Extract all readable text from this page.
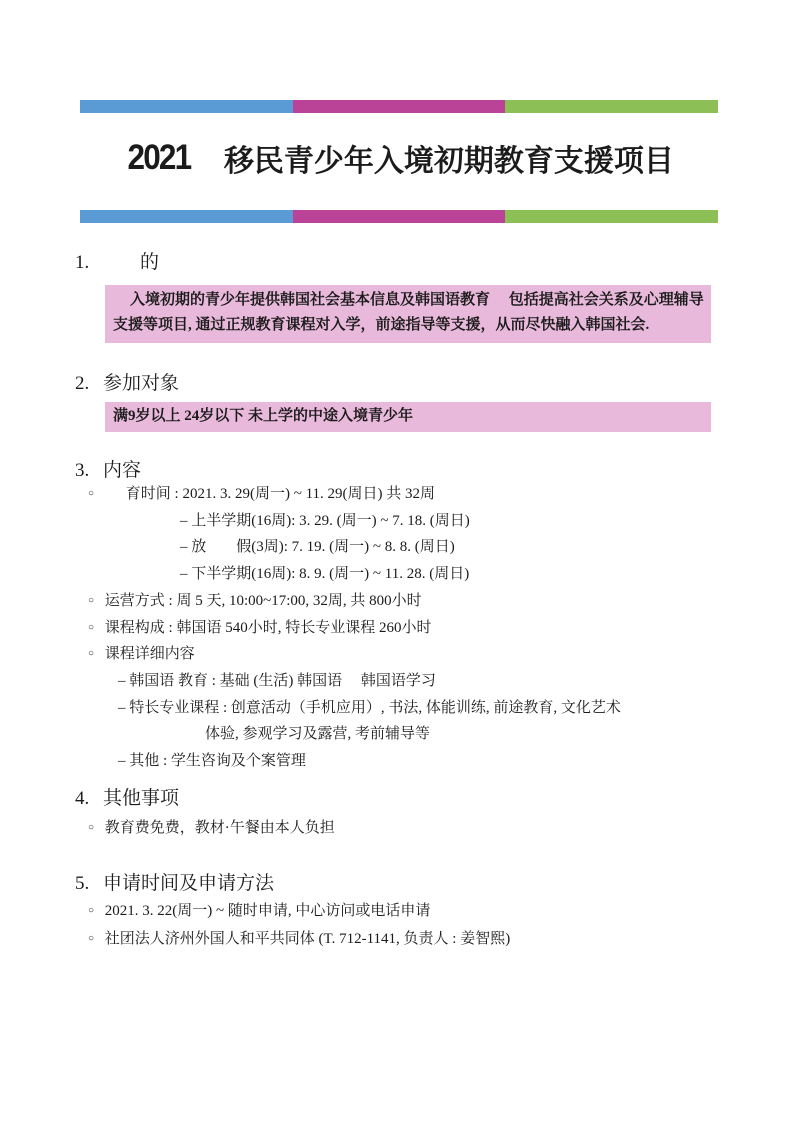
2021 移民青少年入境初期教育支援项目
1.	的
入境初期的青少年提供韩国社会基本信息及韩国语教育　 包括提高社会关系及心理辅导
支援等项目, 通过正规教育课程对入学，前途指导等支援，从而尽快融入韩国社会.
2. 参加对象
满9岁以上 24岁以下 未上学的中途入境青少年
3. 内容
○ 育时间 : 2021. 3. 29(周一) ~ 11. 29(周日) 共 32周
– 上半学期(16周): 3. 29. (周一) ~ 7. 18. (周日)
– 放　　假(3周): 7. 19. (周一) ~ 8. 8. (周日)
– 下半学期(16周): 8. 9. (周一) ~ 11. 28. (周日)
○ 运营方式 : 周 5 天, 10:00~17:00, 32周, 共 800小时
○ 课程构成 : 韩国语 540小时, 特长专业课程 260小时
○ 课程详细内容
– 韩国语 教育 : 基础 (生活) 韩国语　 韩国语学习
– 特长专业课程 : 创意活动（手机应用）, 书法, 体能训练, 前途教育, 文化艺术
体验, 参观学习及露营, 考前辅导等
– 其他 : 学生咨询及个案管理
4. 其他事项
○ 教育费免费，教材·午餐由本人负担
5. 申请时间及申请方法
○ 2021. 3. 22(周一) ~ 随时申请, 中心访问或电话申请
○ 社团法人济州外国人和平共同体 (T. 712-1141, 负责人 : 姜智熙)
